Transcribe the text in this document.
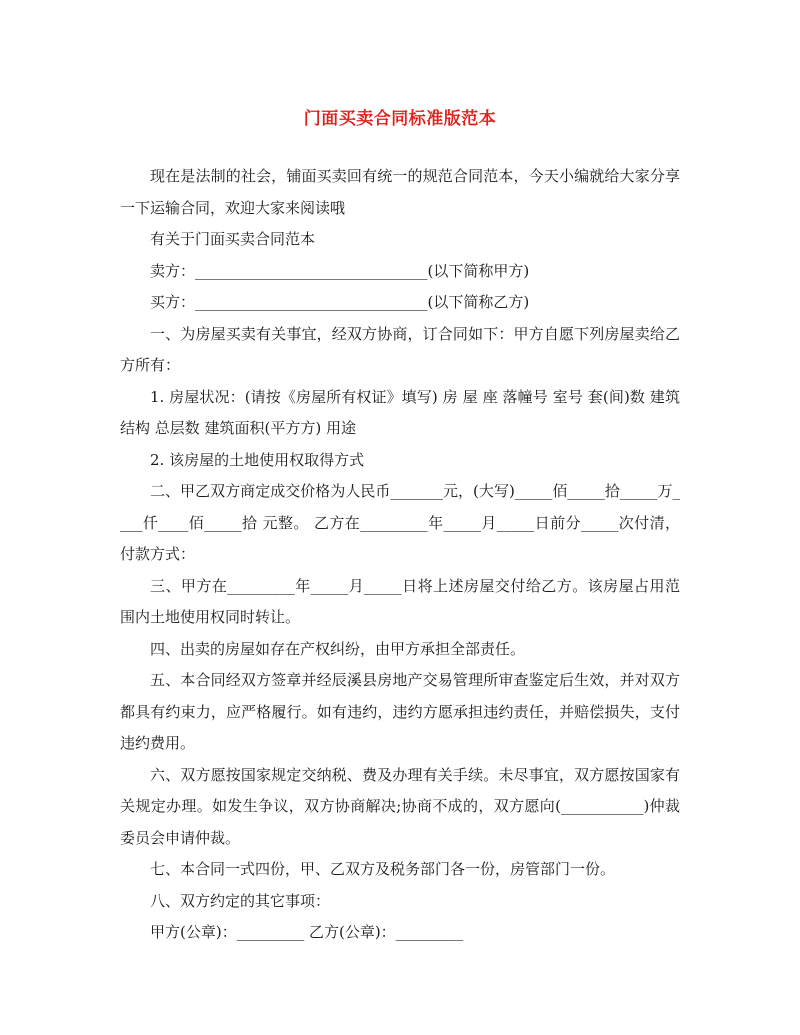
门面买卖合同标准版范本

现在是法制的社会，铺面买卖回有统一的规范合同范本，今天小编就给大家分享一下运输合同，欢迎大家来阅读哦

有关于门面买卖合同范本

卖方：_______________________________(以下简称甲方)

买方：_______________________________(以下简称乙方)

一、为房屋买卖有关事宜，经双方协商，订合同如下：甲方自愿下列房屋卖给乙方所有：

1. 房屋状况：(请按《房屋所有权证》填写) 房 屋 座 落幢号 室号 套(间)数 建筑结构 总层数 建筑面积(平方方) 用途

2. 该房屋的土地使用权取得方式

二、甲乙双方商定成交价格为人民币_______元，(大写)_____佰_____拾_____万____仟____佰_____拾 元整。 乙方在_________年_____月_____日前分_____次付清，付款方式：

三、甲方在_________年_____月_____日将上述房屋交付给乙方。该房屋占用范围内土地使用权同时转让。

四、出卖的房屋如存在产权纠纷，由甲方承担全部责任。

五、本合同经双方签章并经辰溪县房地产交易管理所审查鉴定后生效，并对双方都具有约束力，应严格履行。如有违约，违约方愿承担违约责任，并赔偿损失，支付违约费用。

六、双方愿按国家规定交纳税、费及办理有关手续。未尽事宜，双方愿按国家有关规定办理。如发生争议，双方协商解决;协商不成的，双方愿向(___________)仲裁委员会申请仲裁。

七、本合同一式四份，甲、乙双方及税务部门各一份，房管部门一份。

八、双方约定的其它事项：

甲方(公章)：_________ 乙方(公章)：_________
